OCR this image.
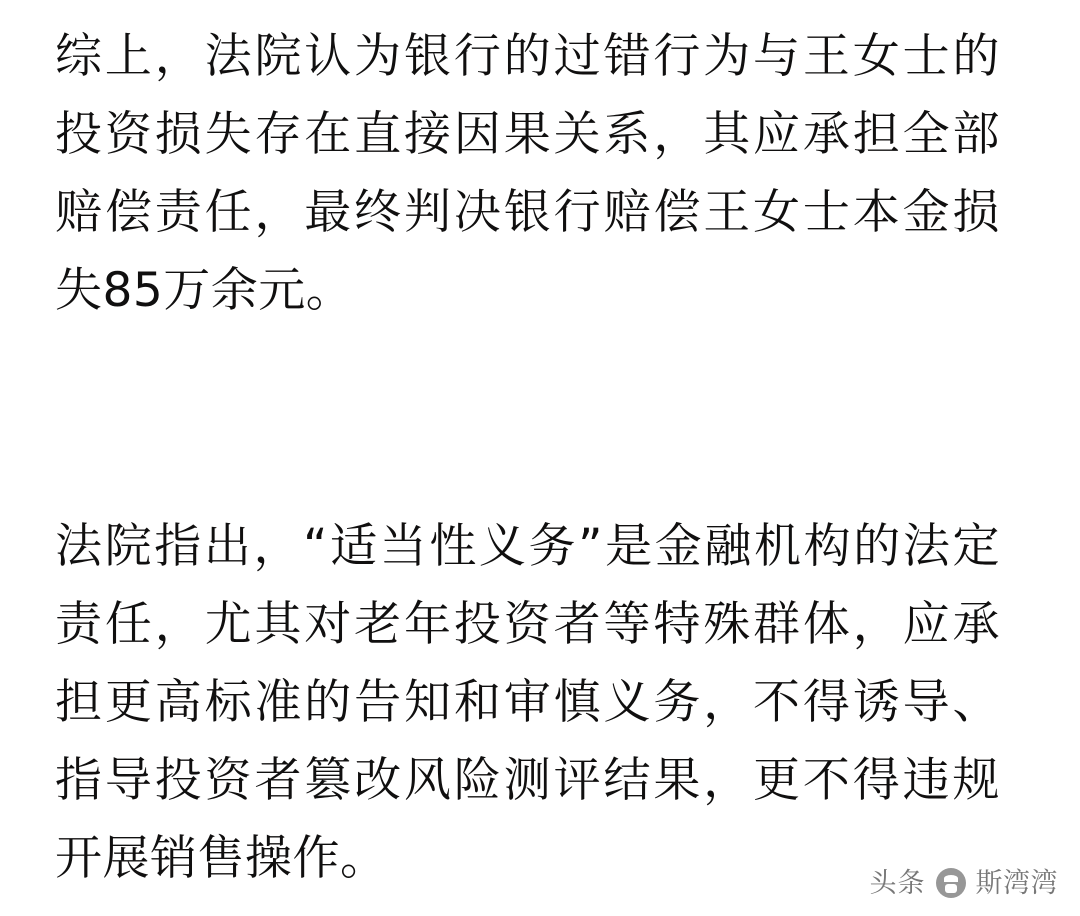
综上，法院认为银行的过错行为与王女士的投资损失存在直接因果关系，其应承担全部赔偿责任，最终判决银行赔偿王女士本金损失85万余元。

法院指出，“适当性义务”是金融机构的法定责任，尤其对老年投资者等特殊群体，应承担更高标准的告知和审慎义务，不得诱导、指导投资者篡改风险测评结果，更不得违规开展销售操作。	头条 斯湾湾
